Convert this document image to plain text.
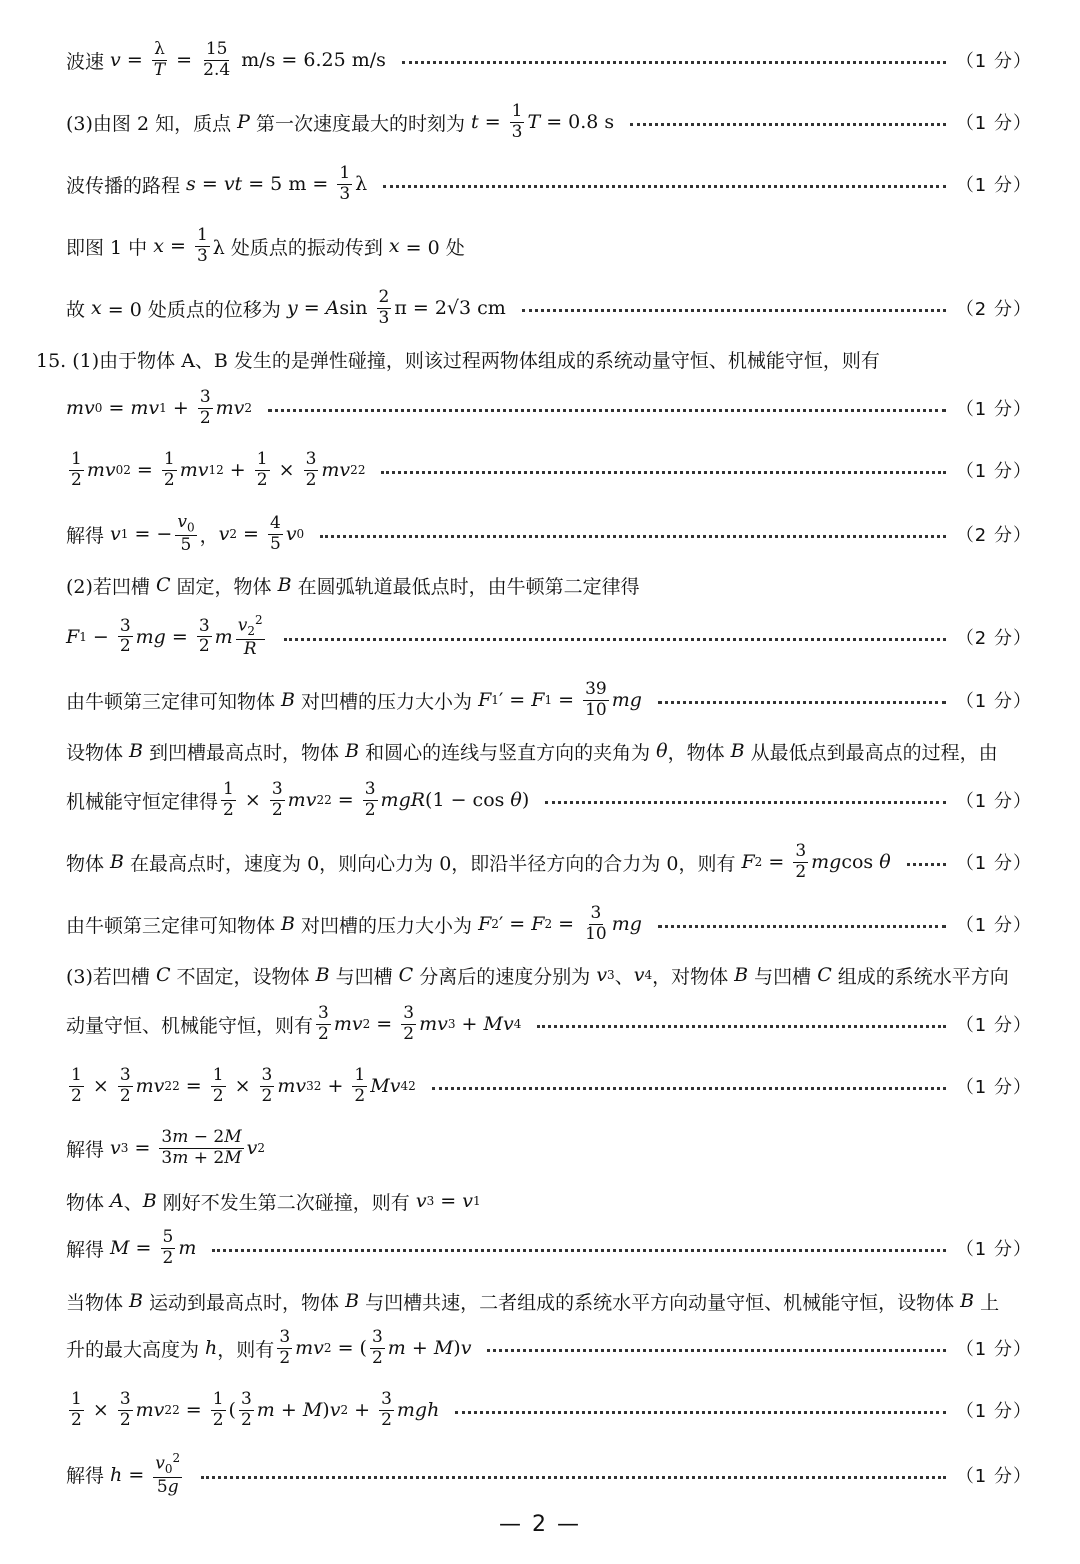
波速 $v = \frac{\lambda}{T} = \frac{15}{2.4} m/s = 6.25$ m/s	（1 分）
(3)由图 2 知，质点 P 第一次速度最大的时刻为 $t = \frac{1}{3}$ T = 0.8 s	（1 分）
波传播的路程 s = vt = 5 $m = \frac{1}{3}$ λ	（1 分）
即图 1 中 $x = \frac{1}{3}$ λ 处质点的振动传到 x = 0 处
故 x = 0 处质点的位移为 y = A $\sin \frac{2}{3}$ π = 2√3 cm	（2 分）
15. (1)由于物体 A、B 发生的是弹性碰撞，则该过程两物体组成的系统动量守恒、机械能守恒，则有
mv 0 = mv $1 + \frac{3}{2}$ mv 2	（1 分）
$\frac{1}{2}$ mv 0 $2 = \frac{1}{2}$ mv 1 $2 + \frac{1}{2} \times \frac{3}{2}$ mv 2 2	（1 分）
解得 v 1 = − $\frac{v_0}{5}$ ， v $2 = \frac{4}{5}$ v 0	（2 分）
(2)若凹槽 C 固定，物体 B 在圆弧轨道最低点时，由牛顿第二定律得
F $1 - \frac{3}{2}$ mg = $\frac{3}{2}$ m $\frac{v_2^2}{R}$	（2 分）
由牛顿第三定律可知物体 B 对凹槽的压力大小为 F 1 ′ = F $1 = \frac{39}{10}$ mg	（1 分）
设物体 B 到凹槽最高点时，物体 B 和圆心的连线与竖直方向的夹角为 θ ，物体 B 从最低点到最高点的过程，由
机械能守恒定律得 $\frac{1}{2} \times \frac{3}{2}$ mv 2 $2 = \frac{3}{2}$ mgR (1 − cos θ )	（1 分）
物体 B 在最高点时，速度为 0，则向心力为 0，即沿半径方向的合力为 0，则有 F $2 = \frac{3}{2}$ mg cos θ	（1 分）
由牛顿第三定律可知物体 B 对凹槽的压力大小为 F 2 ′ = F $2 = \frac{3}{10}$ mg	（1 分）
(3)若凹槽 C 不固定，设物体 B 与凹槽 C 分离后的速度分别为 v 3 、 v 4 ，对物体 B 与凹槽 C 组成的系统水平方向
动量守恒、机械能守恒，则有 $\frac{3}{2}$ mv $2 = \frac{3}{2}$ mv 3 + Mv 4	（1 分）
$\frac{1}{2} \times \frac{3}{2}$ mv 2 $2 = \frac{1}{2} \times \frac{3}{2}$ mv 3 $2 + \frac{1}{2}$ Mv 4 2	（1 分）
解得 v $3 = \frac{3m - 2M}{3m + 2M}$ v 2
物体 A 、 B 刚好不发生第二次碰撞，则有 v 3 = v 1
解得 $M = \frac{5}{2}$ m	（1 分）
当物体 B 运动到最高点时，物体 B 与凹槽共速，二者组成的系统水平方向动量守恒、机械能守恒，设物体 B 上
升的最大高度为 h ，则有 $\frac{3}{2}$ mv 2 = ( $\frac{3}{2}$ m + M ) v	（1 分）
$\frac{1}{2} \times \frac{3}{2}$ mv 2 $2 = \frac{1}{2}$ ( $\frac{3}{2}$ m + M ) v $2 + \frac{3}{2}$ mgh	（1 分）
解得 $h = \frac{v_0^2}{5g}$	（1 分）
— 2 —
